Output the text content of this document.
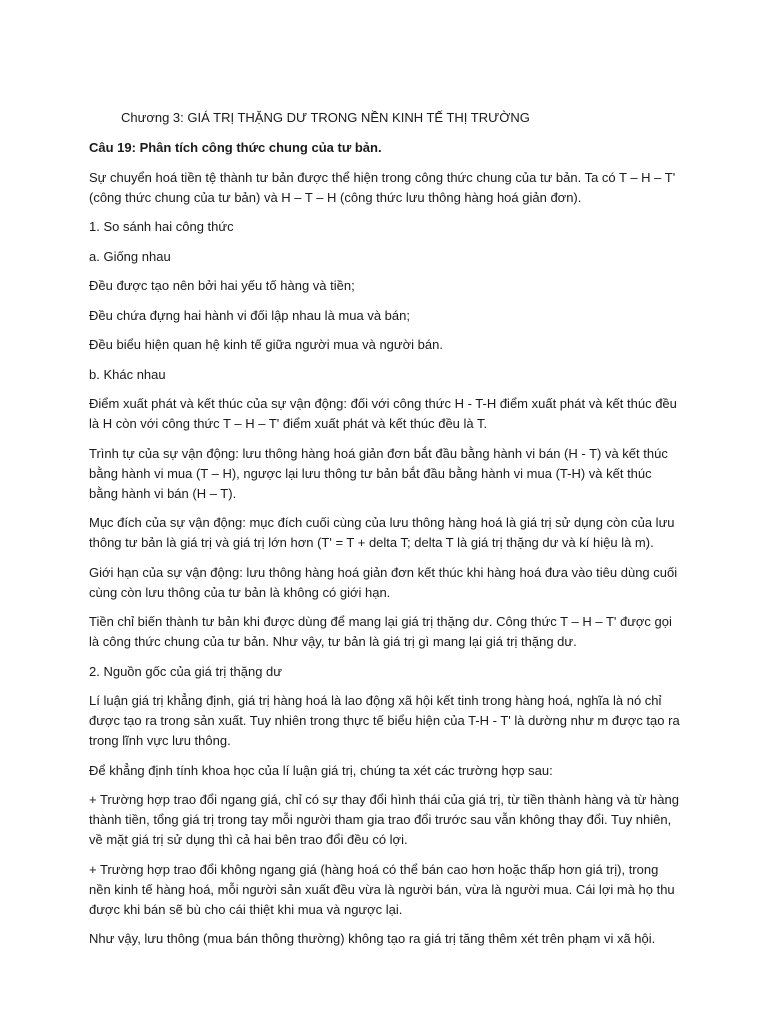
Chương 3: GIÁ TRỊ THẶNG DƯ TRONG NỀN KINH TẾ THỊ TRƯỜNG

Câu 19: Phân tích công thức chung của tư bản.

Sự chuyển hoá tiền tệ thành tư bản được thể hiện trong công thức chung của tư bản. Ta có T – H – T' (công thức chung của tư bản) và H – T – H (công thức lưu thông hàng hoá giản đơn).

1. So sánh hai công thức

a. Giống nhau

Đều được tạo nên bởi hai yếu tố hàng và tiền;

Đều chứa đựng hai hành vi đối lập nhau là mua và bán;

Đều biểu hiện quan hệ kinh tế giữa người mua và người bán.

b. Khác nhau

Điểm xuất phát và kết thúc của sự vận động: đối với công thức H - T-H điểm xuất phát và kết thúc đều là H còn với công thức T – H – T' điểm xuất phát và kết thúc đều là T.

Trình tự của sự vận động: lưu thông hàng hoá giản đơn bắt đầu bằng hành vi bán (H - T) và kết thúc bằng hành vi mua (T – H), ngược lại lưu thông tư bản bắt đầu bằng hành vi mua (T-H) và kết thúc bằng hành vi bán (H – T).

Mục đích của sự vận động: mục đích cuối cùng của lưu thông hàng hoá là giá trị sử dụng còn của lưu thông tư bản là giá trị và giá trị lớn hơn (T' = T + delta T; delta T là giá trị thặng dư và kí hiệu là m).

Giới hạn của sự vận động: lưu thông hàng hoá giản đơn kết thúc khi hàng hoá đưa vào tiêu dùng cuối cùng còn lưu thông của tư bản là không có giới hạn.

Tiền chỉ biến thành tư bản khi được dùng để mang lại giá trị thặng dư. Công thức T – H – T' được gọi là công thức chung của tư bản. Như vậy, tư bản là giá trị gì mang lại giá trị thặng dư.

2. Nguồn gốc của giá trị thặng dư

Lí luận giá trị khẳng định, giá trị hàng hoá là lao động xã hội kết tinh trong hàng hoá, nghĩa là nó chỉ được tạo ra trong sản xuất. Tuy nhiên trong thực tế biểu hiện của T-H - T' là dường như m được tạo ra trong lĩnh vực lưu thông.

Để khẳng định tính khoa học của lí luận giá trị, chúng ta xét các trường hợp sau:

+ Trường hợp trao đổi ngang giá, chỉ có sự thay đổi hình thái của giá trị, từ tiền thành hàng và từ hàng thành tiền, tổng giá trị trong tay mỗi người tham gia trao đổi trước sau vẫn không thay đổi. Tuy nhiên, về mặt giá trị sử dụng thì cả hai bên trao đổi đều có lợi.

+ Trường hợp trao đổi không ngang giá (hàng hoá có thể bán cao hơn hoặc thấp hơn giá trị), trong nền kinh tế hàng hoá, mỗi người sản xuất đều vừa là người bán, vừa là người mua. Cái lợi mà họ thu được khi bán sẽ bù cho cái thiệt khi mua và ngược lại.

Như vậy, lưu thông (mua bán thông thường) không tạo ra giá trị tăng thêm xét trên phạm vi xã hội.
